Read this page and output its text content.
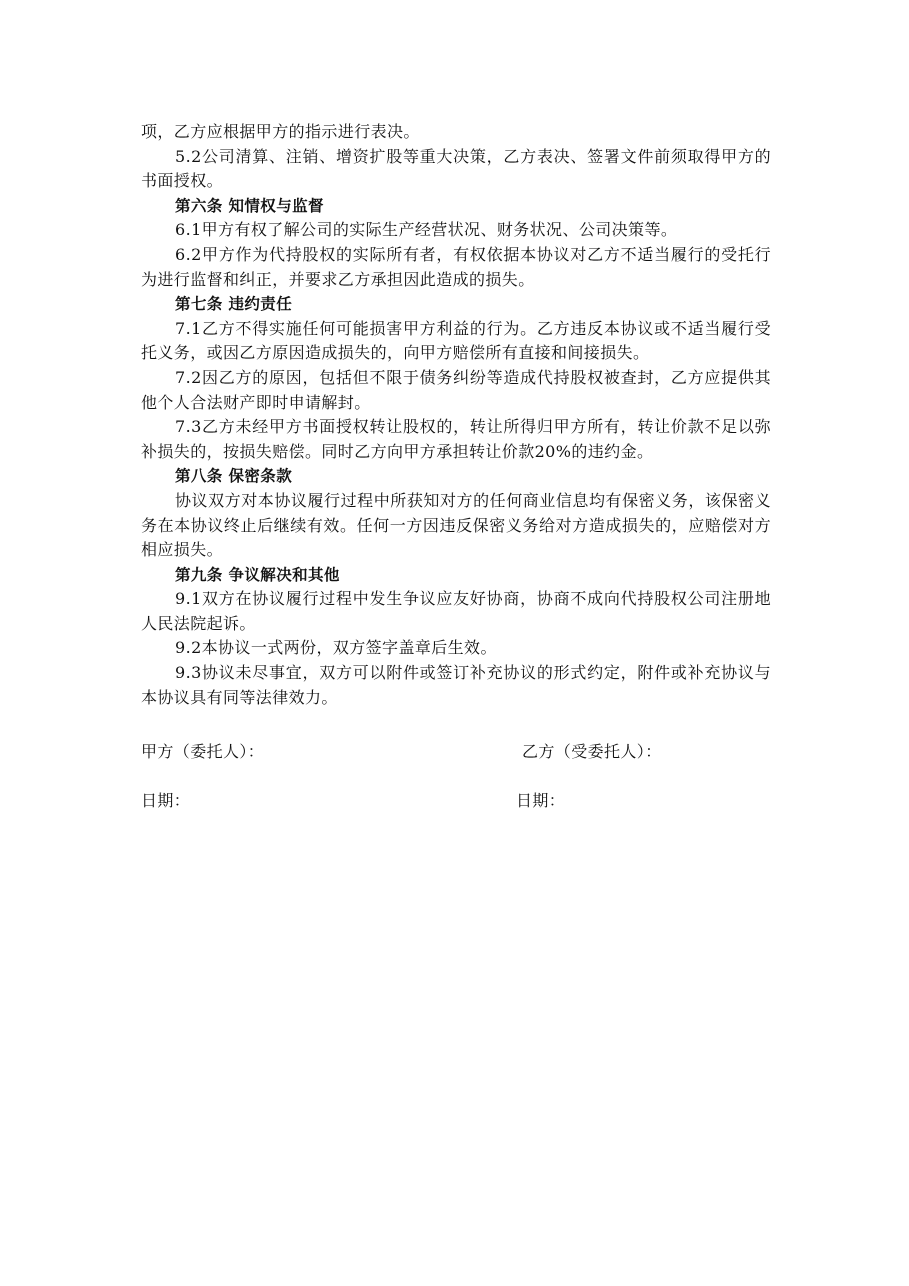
项，乙方应根据甲方的指示进行表决。

5.2公司清算、注销、增资扩股等重大决策，乙方表决、签署文件前须取得甲方的书面授权。

第六条 知情权与监督

6.1甲方有权了解公司的实际生产经营状况、财务状况、公司决策等。

6.2甲方作为代持股权的实际所有者，有权依据本协议对乙方不适当履行的受托行为进行监督和纠正，并要求乙方承担因此造成的损失。

第七条 违约责任

7.1乙方不得实施任何可能损害甲方利益的行为。乙方违反本协议或不适当履行受托义务，或因乙方原因造成损失的，向甲方赔偿所有直接和间接损失。

7.2因乙方的原因，包括但不限于债务纠纷等造成代持股权被查封，乙方应提供其他个人合法财产即时申请解封。

7.3乙方未经甲方书面授权转让股权的，转让所得归甲方所有，转让价款不足以弥补损失的，按损失赔偿。同时乙方向甲方承担转让价款20%的违约金。

第八条 保密条款

协议双方对本协议履行过程中所获知对方的任何商业信息均有保密义务，该保密义务在本协议终止后继续有效。任何一方因违反保密义务给对方造成损失的，应赔偿对方相应损失。

第九条 争议解决和其他

9.1双方在协议履行过程中发生争议应友好协商，协商不成向代持股权公司注册地人民法院起诉。

9.2本协议一式两份，双方签字盖章后生效。

9.3协议未尽事宜，双方可以附件或签订补充协议的形式约定，附件或补充协议与本协议具有同等法律效力。

甲方（委托人）：	乙方（受委托人）：

日期：	日期：
